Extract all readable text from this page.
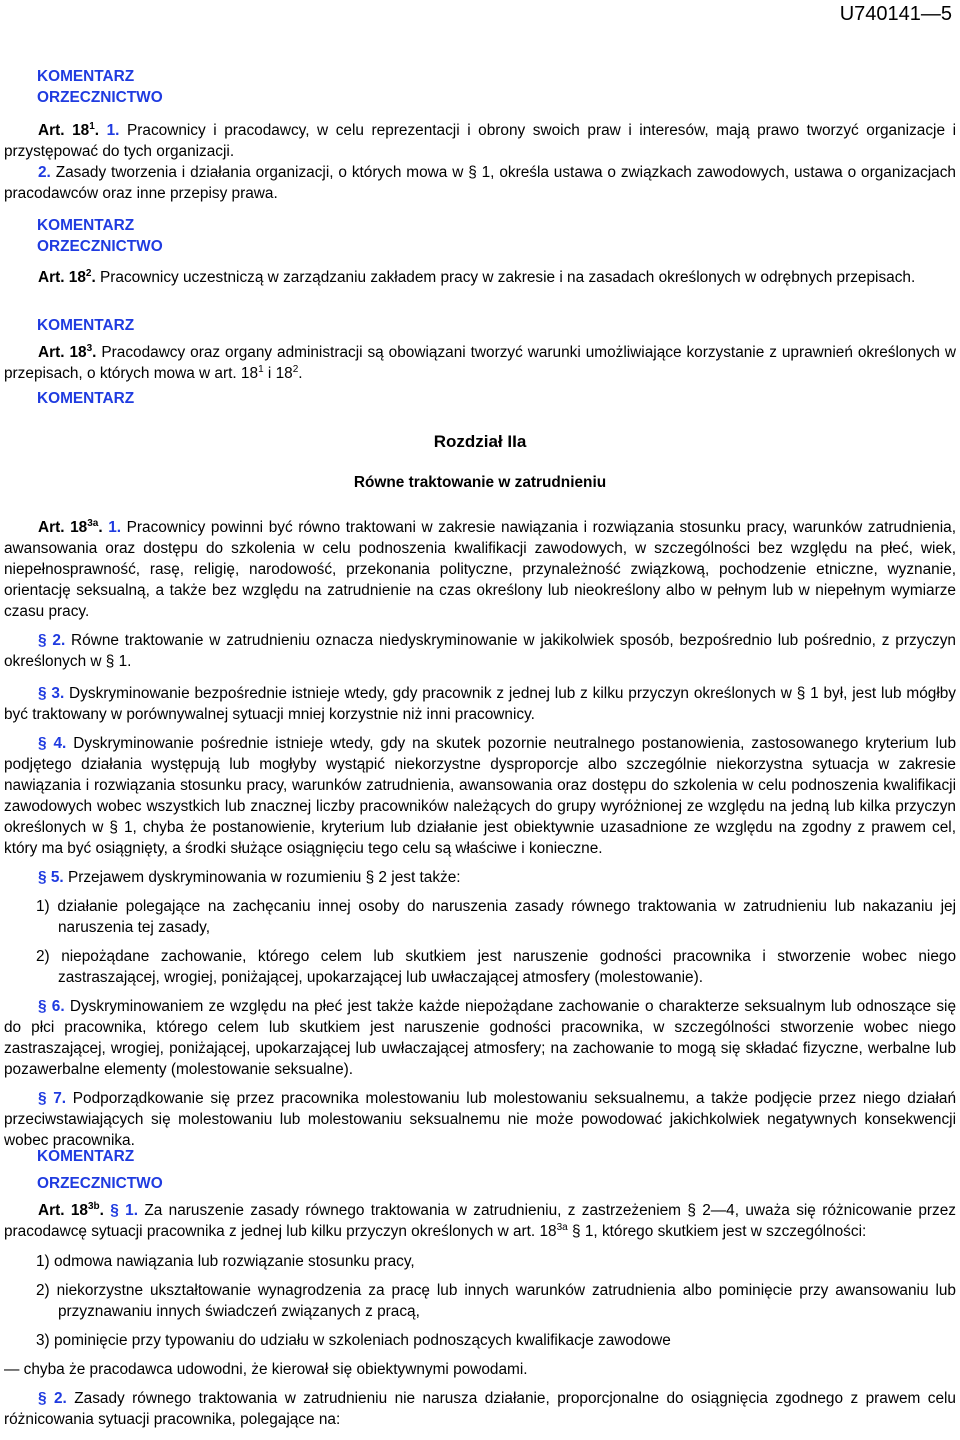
U740141—5
KOMENTARZ
ORZECZNICTWO

Art. $18^1$. 1. Pracownicy i pracodawcy, w celu reprezentacji i obrony swoich praw i interesów, mają prawo tworzyć organizacje i przystępować do tych organizacji.

2. Zasady tworzenia i działania organizacji, o których mowa w § 1, określa ustawa o związkach zawodowych, ustawa o organizacjach pracodawców oraz inne przepisy prawa.

KOMENTARZ
ORZECZNICTWO

Art. $18^2$. Pracownicy uczestniczą w zarządzaniu zakładem pracy w zakresie i na zasadach określonych w odrębnych przepisach.

KOMENTARZ

Art. $18^3$. Pracodawcy oraz organy administracji są obowiązani tworzyć warunki umożliwiające korzystanie z uprawnień określonych w przepisach, o których mowa w art. $18^1$ i $18^2$.

KOMENTARZ
Rozdział IIa
Równe traktowanie w zatrudnieniu

Art. $18^{3a}$. 1. Pracownicy powinni być równo traktowani w zakresie nawiązania i rozwiązania stosunku pracy, warunków zatrudnienia, awansowania oraz dostępu do szkolenia w celu podnoszenia kwalifikacji zawodowych, w szczególności bez względu na płeć, wiek, niepełnosprawność, rasę, religię, narodowość, przekonania polityczne, przynależność związkową, pochodzenie etniczne, wyznanie, orientację seksualną, a także bez względu na zatrudnienie na czas określony lub nieokreślony albo w pełnym lub w niepełnym wymiarze czasu pracy.

§ 2. Równe traktowanie w zatrudnieniu oznacza niedyskryminowanie w jakikolwiek sposób, bezpośrednio lub pośrednio, z przyczyn określonych w § 1.

§ 3. Dyskryminowanie bezpośrednie istnieje wtedy, gdy pracownik z jednej lub z kilku przyczyn określonych w § 1 był, jest lub mógłby być traktowany w porównywalnej sytuacji mniej korzystnie niż inni pracownicy.

§ 4. Dyskryminowanie pośrednie istnieje wtedy, gdy na skutek pozornie neutralnego postanowienia, zastosowanego kryterium lub podjętego działania występują lub mogłyby wystąpić niekorzystne dysproporcje albo szczególnie niekorzystna sytuacja w zakresie nawiązania i rozwiązania stosunku pracy, warunków zatrudnienia, awansowania oraz dostępu do szkolenia w celu podnoszenia kwalifikacji zawodowych wobec wszystkich lub znacznej liczby pracowników należących do grupy wyróżnionej ze względu na jedną lub kilka przyczyn określonych w § 1, chyba że postanowienie, kryterium lub działanie jest obiektywnie uzasadnione ze względu na zgodny z prawem cel, który ma być osiągnięty, a środki służące osiągnięciu tego celu są właściwe i konieczne.

§ 5. Przejawem dyskryminowania w rozumieniu § 2 jest także:

1) działanie polegające na zachęcaniu innej osoby do naruszenia zasady równego traktowania w zatrudnieniu lub nakazaniu jej naruszenia tej zasady,

2) niepożądane zachowanie, którego celem lub skutkiem jest naruszenie godności pracownika i stworzenie wobec niego zastraszającej, wrogiej, poniżającej, upokarzającej lub uwłaczającej atmosfery (molestowanie).

§ 6. Dyskryminowaniem ze względu na płeć jest także każde niepożądane zachowanie o charakterze seksualnym lub odnoszące się do płci pracownika, którego celem lub skutkiem jest naruszenie godności pracownika, w szczególności stworzenie wobec niego zastraszającej, wrogiej, poniżającej, upokarzającej lub uwłaczającej atmosfery; na zachowanie to mogą się składać fizyczne, werbalne lub pozawerbalne elementy (molestowanie seksualne).

§ 7. Podporządkowanie się przez pracownika molestowaniu lub molestowaniu seksualnemu, a także podjęcie przez niego działań przeciwstawiających się molestowaniu lub molestowaniu seksualnemu nie może powodować jakichkolwiek negatywnych konsekwencji wobec pracownika.

KOMENTARZ
ORZECZNICTWO

Art. $18^{3b}$. § 1. Za naruszenie zasady równego traktowania w zatrudnieniu, z zastrzeżeniem § 2—4, uważa się różnicowanie przez pracodawcę sytuacji pracownika z jednej lub kilku przyczyn określonych w art. $18^{3a}$ § 1, którego skutkiem jest w szczególności:

1) odmowa nawiązania lub rozwiązanie stosunku pracy,

2) niekorzystne ukształtowanie wynagrodzenia za pracę lub innych warunków zatrudnienia albo pominięcie przy awansowaniu lub przyznawaniu innych świadczeń związanych z pracą,

3) pominięcie przy typowaniu do udziału w szkoleniach podnoszących kwalifikacje zawodowe

— chyba że pracodawca udowodni, że kierował się obiektywnymi powodami.

§ 2. Zasady równego traktowania w zatrudnieniu nie narusza działanie, proporcjonalne do osiągnięcia zgodnego z prawem celu różnicowania sytuacji pracownika, polegające na:
